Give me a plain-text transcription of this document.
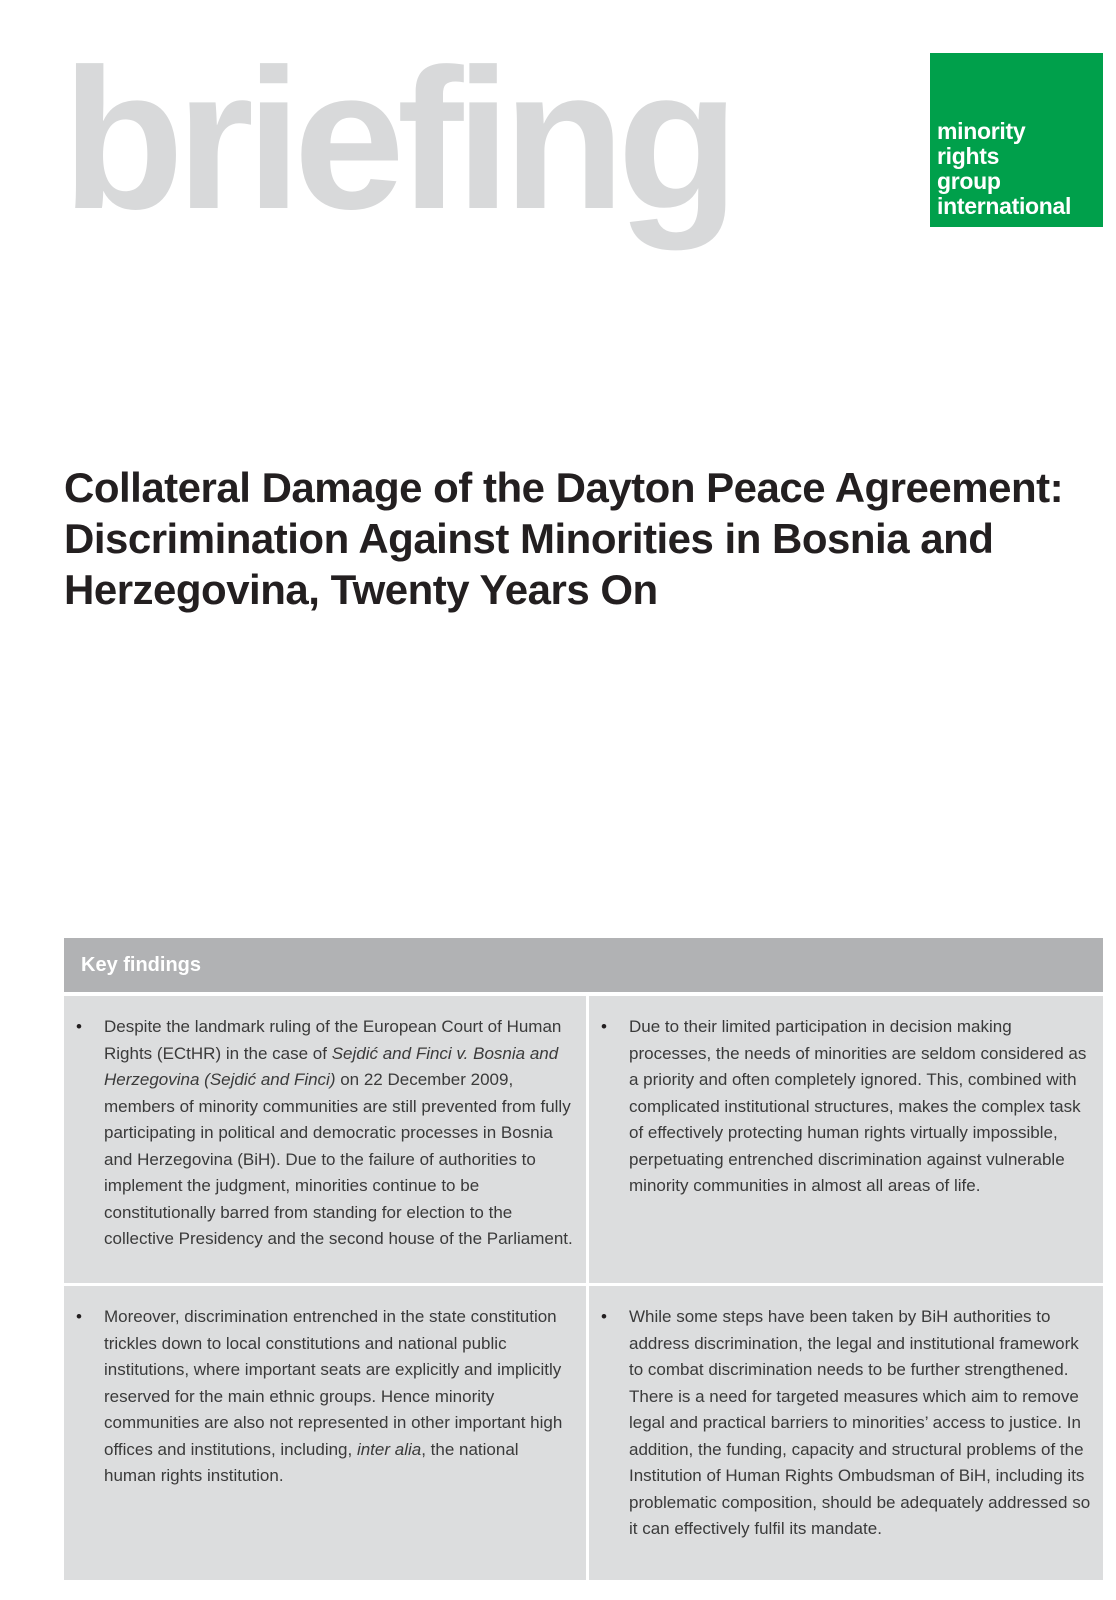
briefing	minority
rights
group
international
Collateral Damage of the Dayton Peace Agreement: Discrimination Against Minorities in Bosnia and Herzegovina, Twenty Years On
Key findings
• Despite the landmark ruling of the European Court of Human Rights (ECtHR) in the case of Sejdić and Finci v. Bosnia and Herzegovina (Sejdić and Finci) on 22 December 2009, members of minority communities are still prevented from fully participating in political and democratic processes in Bosnia and Herzegovina (BiH). Due to the failure of authorities to implement the judgment, minorities continue to be constitutionally barred from standing for election to the collective Presidency and the second house of the Parliament.

• Due to their limited participation in decision making processes, the needs of minorities are seldom considered as a priority and often completely ignored. This, combined with complicated institutional structures, makes the complex task of effectively protecting human rights virtually impossible, perpetuating entrenched discrimination against vulnerable minority communities in almost all areas of life.

• Moreover, discrimination entrenched in the state constitution trickles down to local constitutions and national public institutions, where important seats are explicitly and implicitly reserved for the main ethnic groups. Hence minority communities are also not represented in other important high offices and institutions, including, inter alia, the national human rights institution.

• While some steps have been taken by BiH authorities to address discrimination, the legal and institutional framework to combat discrimination needs to be further strengthened. There is a need for targeted measures which aim to remove legal and practical barriers to minorities’ access to justice. In addition, the funding, capacity and structural problems of the Institution of Human Rights Ombudsman of BiH, including its problematic composition, should be adequately addressed so it can effectively fulfil its mandate.
